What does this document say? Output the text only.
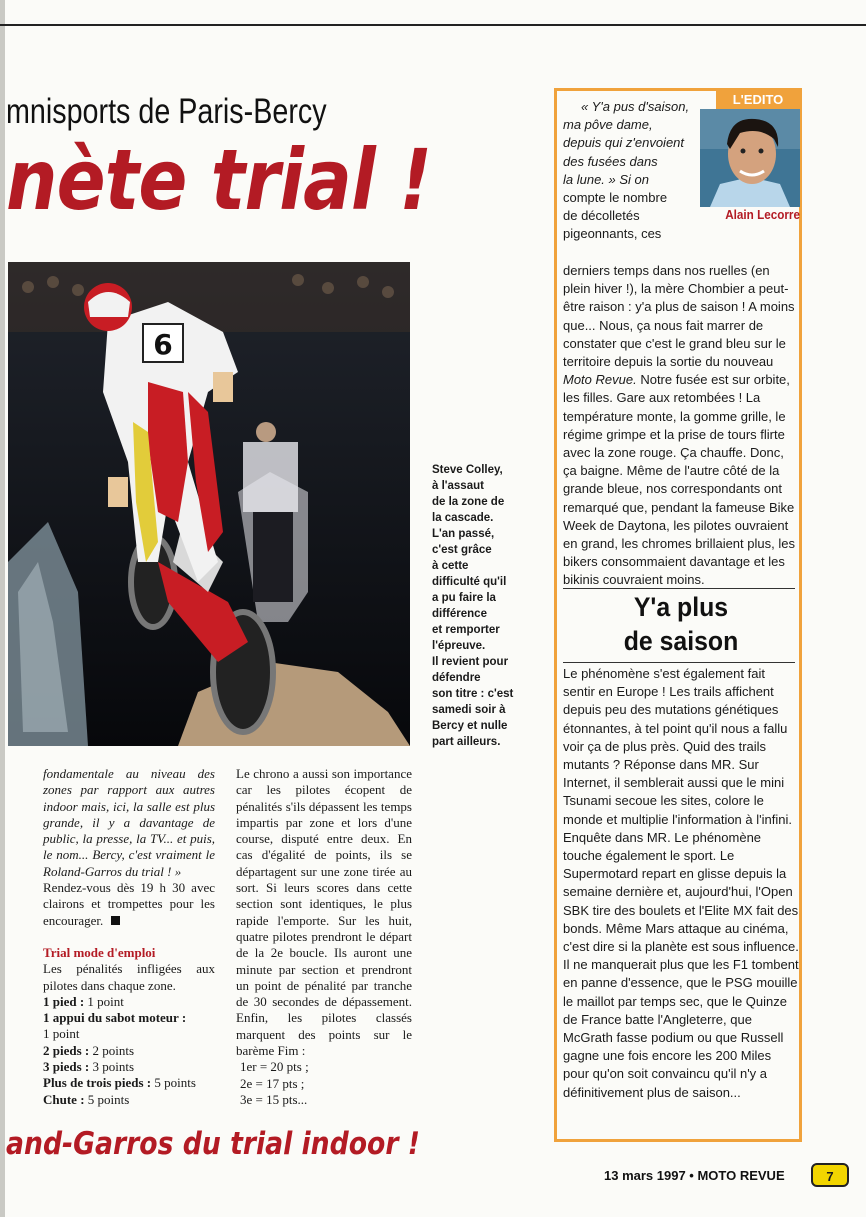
mnisports de Paris-Bercy
nète trial !
6

Steve Colley,

à l'assaut

de la zone de

la cascade.

L'an passé,

c'est grâce

à cette

difficulté qu'il

a pu faire la

différence

et remporter

l'épreuve.

Il revient pour

défendre

son titre : c'est

samedi soir à

Bercy et nulle

part ailleurs.

fondamentale au niveau des zones par rapport aux autres indoor mais, ici, la salle est plus grande, il y a davantage de public, la presse, la TV... et puis, le nom... Bercy, c'est vraiment le Roland-Garros du trial ! »

Rendez-vous dès 19 h 30 avec clairons et trompettes pour les encourager.

Trial mode d'emploi

Les pénalités infligées aux pilotes dans chaque zone.

1 pied : 1 point

1 appui du sabot moteur :
1 point

2 pieds : 2 points

3 pieds : 3 points

Plus de trois pieds : 5 points

Chute : 5 points

Le chrono a aussi son importance car les pilotes écopent de pénalités s'ils dépassent les temps impartis par zone et lors d'une course, disputé entre deux. En cas d'égalité de points, ils se départagent sur une zone tirée au sort. Si leurs scores dans cette section sont identiques, le plus rapide l'emporte. Sur les huit, quatre pilotes prendront le départ de la 2e boucle. Ils auront une minute par section et prendront un point de pénalité par tranche de 30 secondes de dépassement. Enfin, les pilotes classés marquent des points sur le barème Fim :

1er = 20 pts ;

2e = 17 pts ;

3e = 15 pts...

and-Garros du trial indoor !
L'EDITO
Alain Lecorre

« Y'a pus d'saison,

ma pôve dame,

depuis qui z'envoient

des fusées dans

la lune. » Si on

compte le nombre

de décolletés

pigeonnants, ces
derniers temps dans nos ruelles (en plein hiver !), la mère Chombier a peut-être raison : y'a plus de saison ! A moins que... Nous, ça nous fait marrer de constater que c'est le grand bleu sur le territoire depuis la sortie du nouveau Moto Revue. Notre fusée est sur orbite, les filles. Gare aux retombées ! La température monte, la gomme grille, le régime grimpe et la prise de tours flirte avec la zone rouge. Ça chauffe. Donc, ça baigne. Même de l'autre côté de la grande bleue, nos correspondants ont remarqué que, pendant la fameuse Bike Week de Daytona, les pilotes ouvraient en grand, les chromes brillaient plus, les bikers consommaient davantage et les bikinis couvraient moins.
Y'a plus
de saison
Le phénomène s'est également fait sentir en Europe ! Les trails affichent depuis peu des mutations génétiques étonnantes, à tel point qu'il nous a fallu voir ça de plus près. Quid des trails mutants ? Réponse dans MR. Sur Internet, il semblerait aussi que le mini Tsunami secoue les sites, colore le monde et multiplie l'information à l'infini. Enquête dans MR. Le phénomène touche également le sport. Le Supermotard repart en glisse depuis la semaine dernière et, aujourd'hui, l'Open SBK tire des boulets et l'Elite MX fait des bonds. Même Mars attaque au cinéma, c'est dire si la planète est sous influence. Il ne manquerait plus que les F1 tombent en panne d'essence, que le PSG mouille le maillot par temps sec, que le Quinze de France batte l'Angleterre, que McGrath fasse podium ou que Russell gagne une fois encore les 200 Miles pour qu'on soit convaincu qu'il n'y a définitivement plus de saison...
13 mars 1997 • MOTO REVUE	7
